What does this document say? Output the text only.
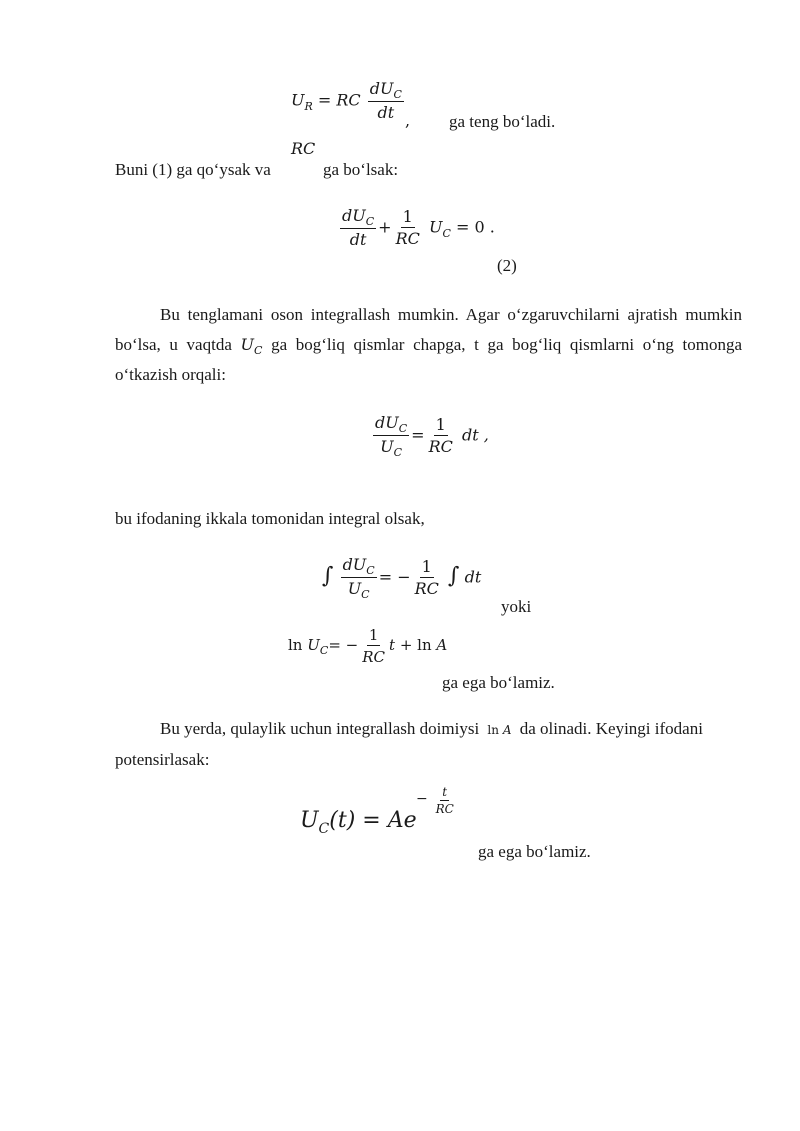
$U_R$ = RC $\frac{dU_C}{dt}$ , ga teng bo‘ladi.
RC
Buni (1) ga qo‘ysak va	ga bo‘lsak:
$\frac{dU_C}{dt} + \frac{1}{RC} U_C = 0$ .
(2)
Bu tenglamani oson integrallash mumkin. Agar o‘zgaruvchilarni ajratish mumkin bo‘lsa, u vaqtda $U_C$ ga bog‘liq qismlar chapga, t ga bog‘liq qismlarni o‘ng tomonga o‘tkazish orqali:
$\frac{dU_C}{U_C} = \frac{1}{RC}$ dt ,
bu ifodaning ikkala tomonidan integral olsak,
∫ $\frac{dU_C}{U_C}$ = − $\frac{1}{RC}$ ∫ dt
yoki
$\ln U_C= - \frac{1}{RC}$ t + ln A
ga ega bo‘lamiz.
Bu yerda, qulaylik uchun integrallash doimiysi ln A da olinadi. Keyingi ifodani potensirlasak:
$U_C(t) = Ae$
− $\frac{t}{RC}$
ga ega bo‘lamiz.
